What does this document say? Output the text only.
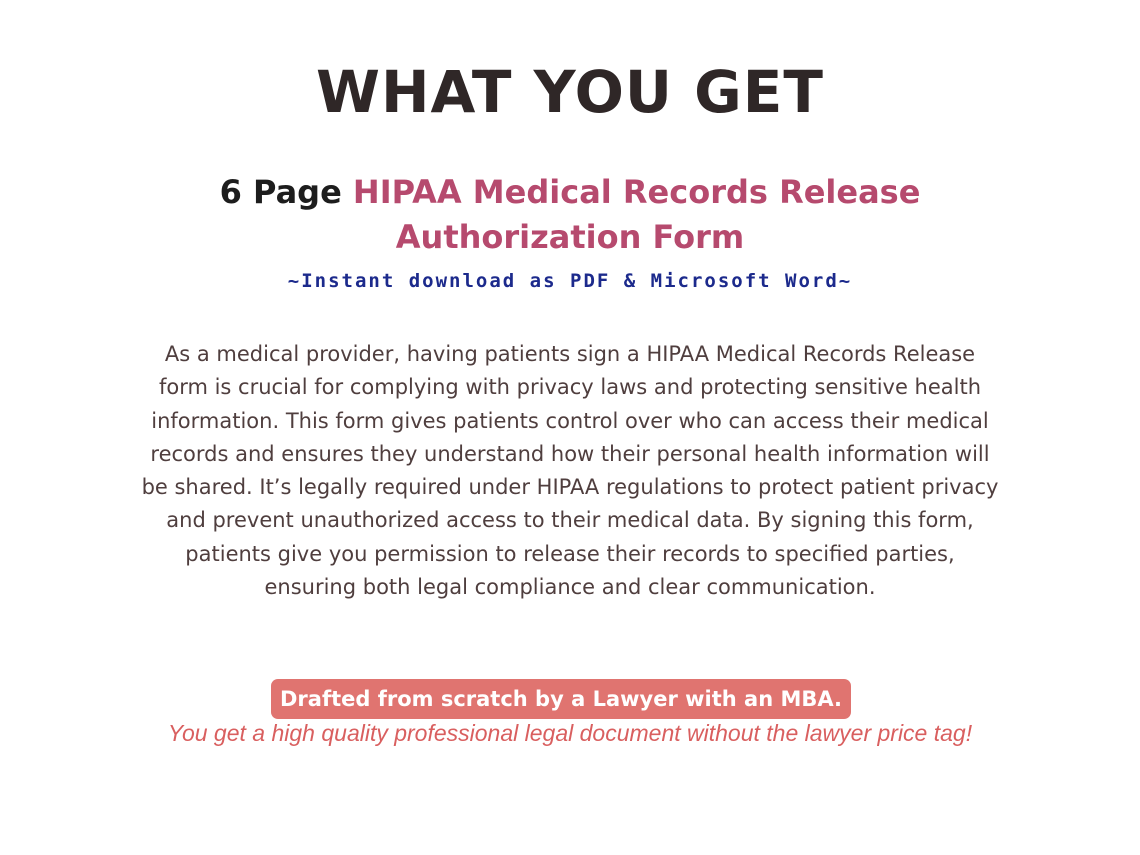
WHAT YOU GET
6 Page HIPAA Medical Records Release Authorization Form
~Instant download as PDF & Microsoft Word~
As a medical provider, having patients sign a HIPAA Medical Records Release form is crucial for complying with privacy laws and protecting sensitive health information. This form gives patients control over who can access their medical records and ensures they understand how their personal health information will be shared. It’s legally required under HIPAA regulations to protect patient privacy and prevent unauthorized access to their medical data. By signing this form, patients give you permission to release their records to specified parties, ensuring both legal compliance and clear communication.
Drafted from scratch by a Lawyer with an MBA.
You get a high quality professional legal document without the lawyer price tag!
